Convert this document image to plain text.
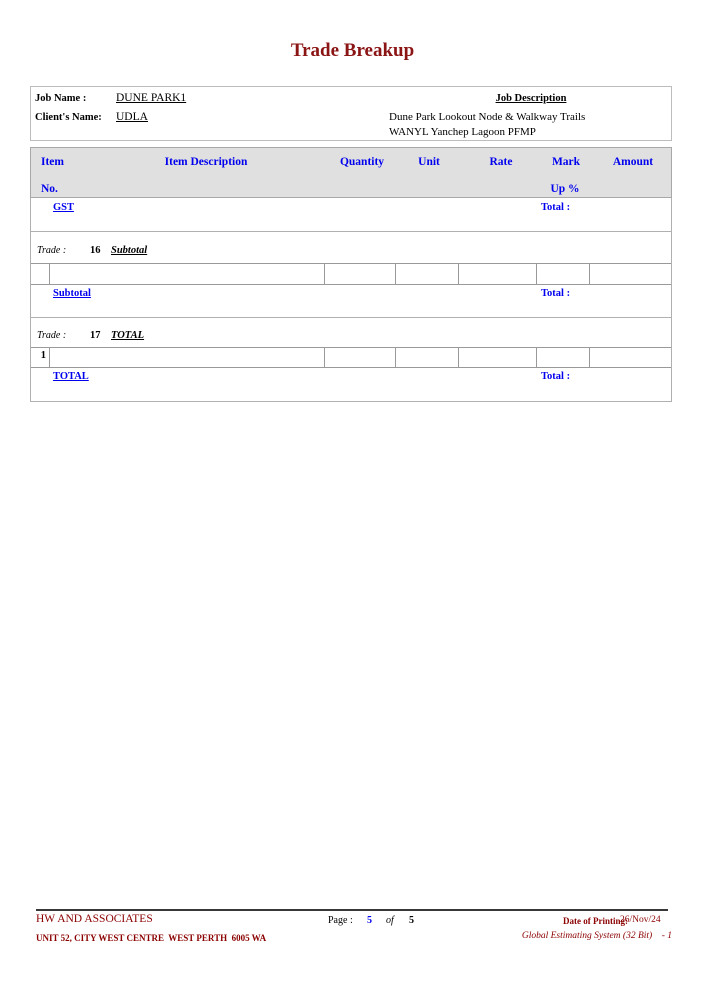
Trade Breakup
Job Name :	DUNE PARK1	Job Description
Client's Name: UDLA	Dune Park Lookout Node & Walkway Trails
WANYL Yanchep Lagoon PFMP
Item	Item Description	Quantity	Unit	Rate	Mark	Amount
No.	Up %
GST	Total :
Trade : 16 Subtotal
Subtotal	Total :
Trade : 17 TOTAL
1
TOTAL	Total :
HW AND ASSOCIATES	Page : 5 of 5	Date of Printing:
26/Nov/24
UNIT 52, CITY WEST CENTRE  WEST PERTH  6005 WA	Global Estimating System (32 Bit)    - 1
